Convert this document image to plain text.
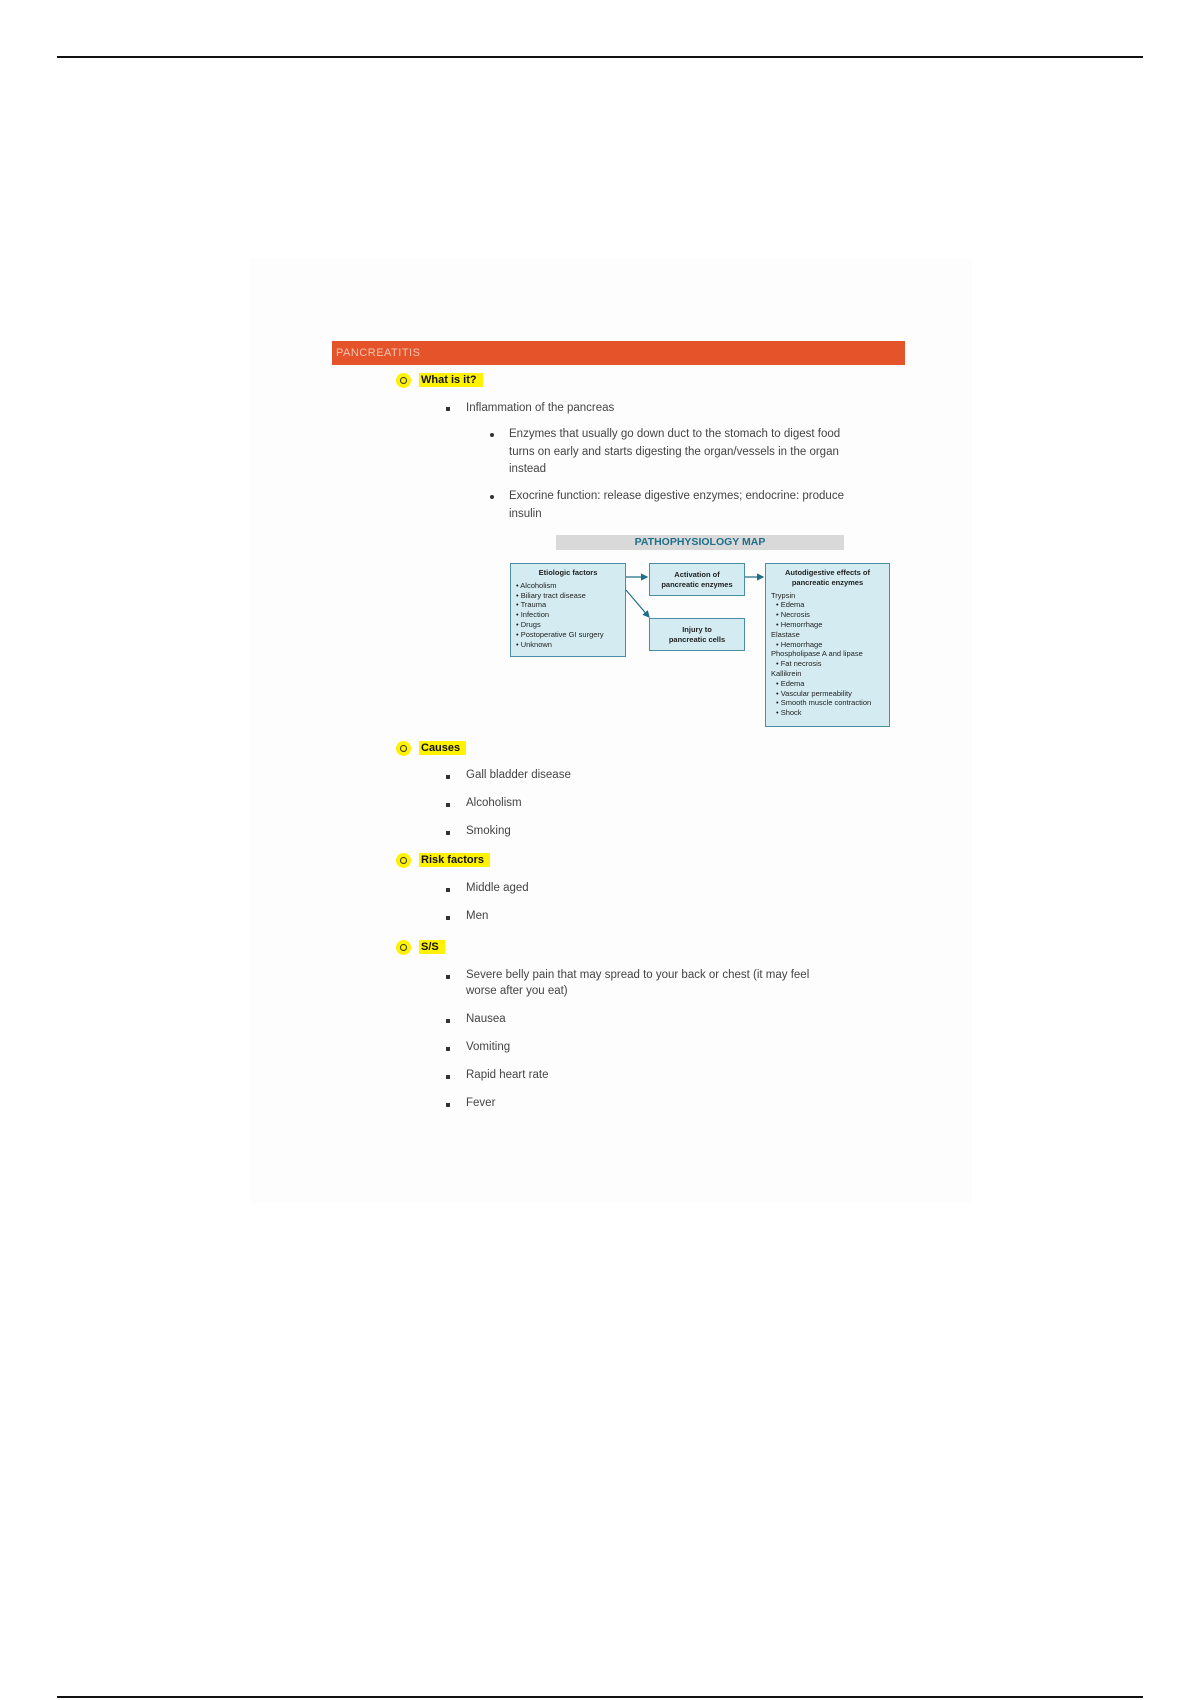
PANCREATITIS
What is it?
Inflammation of the pancreas
Enzymes that usually go down duct to the stomach to digest food
turns on early and starts digesting the organ/vessels in the organ
instead
Exocrine function: release digestive enzymes; endocrine: produce
insulin
PATHOPHYSIOLOGY MAP
Etiologic factors
• Alcoholism
• Biliary tract disease
• Trauma
• Infection
• Drugs
• Postoperative GI surgery
• Unknown
Activation of
pancreatic enzymes
Injury to
pancreatic cells
Autodigestive effects of
pancreatic enzymes
Trypsin
• Edema
• Necrosis
• Hemorrhage
Elastase
• Hemorrhage
Phospholipase A and lipase
• Fat necrosis
Kallikrein
• Edema
• Vascular permeability
• Smooth muscle contraction
• Shock
Causes
Gall bladder disease
Alcoholism
Smoking
Risk factors
Middle aged
Men
S/S
Severe belly pain that may spread to your back or chest (it may feel
worse after you eat)
Nausea
Vomiting
Rapid heart rate
Fever
